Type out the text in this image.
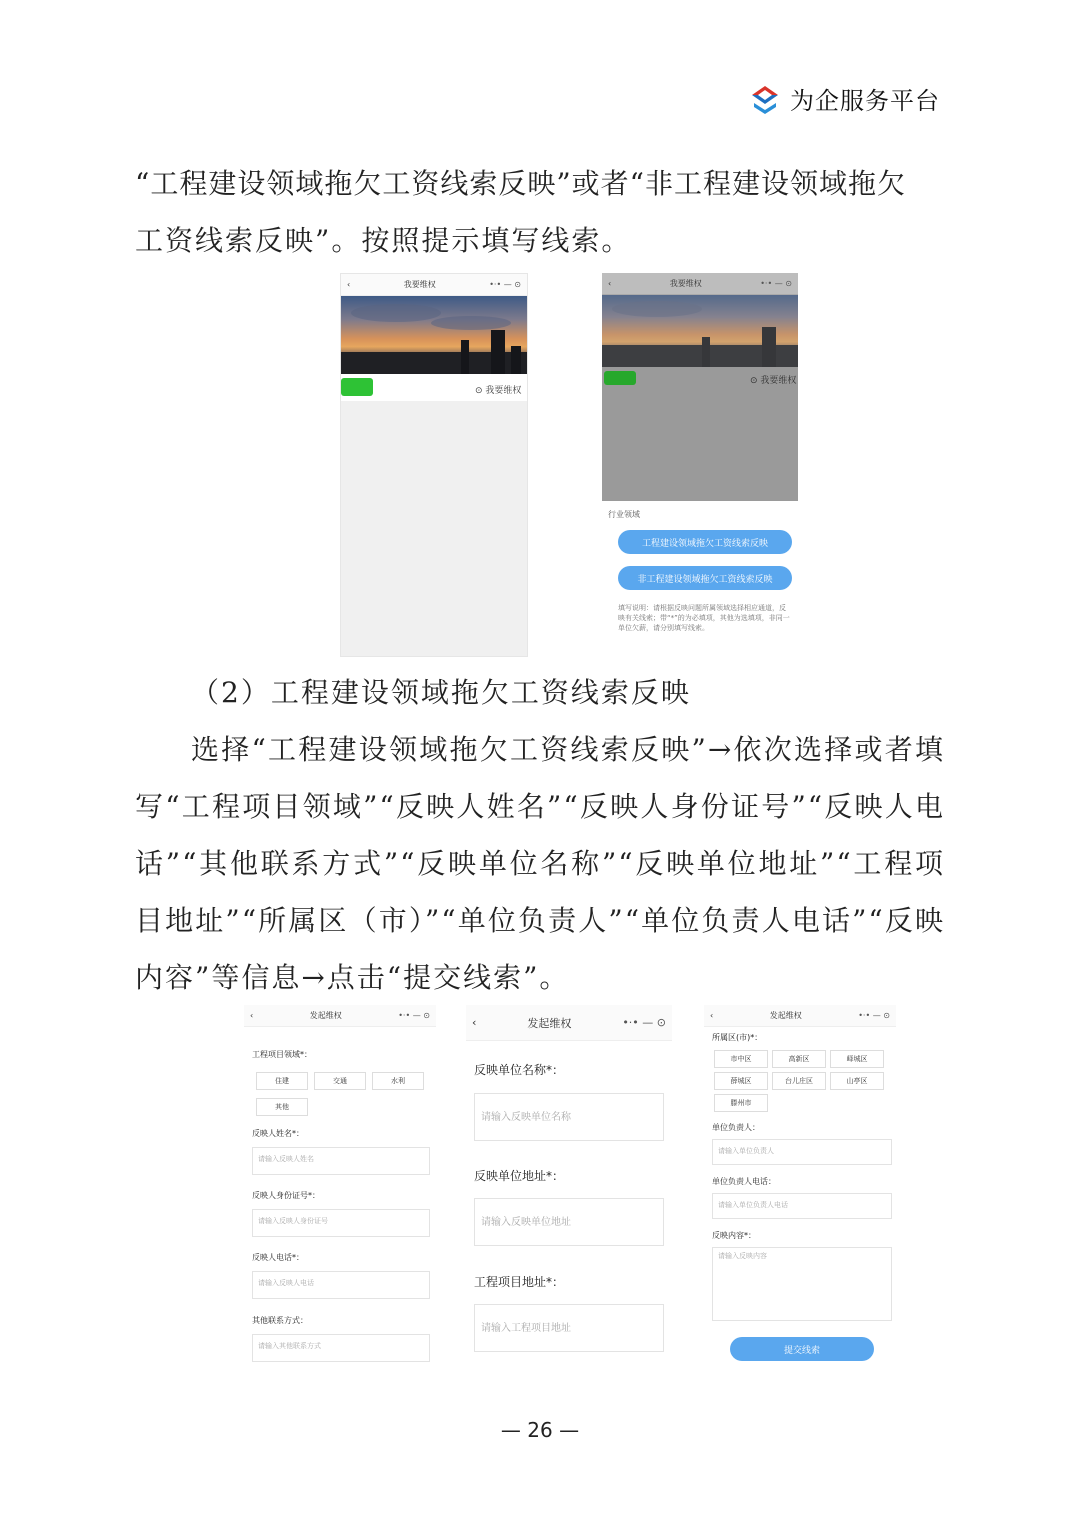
为企服务平台

“工程建设领域拖欠工资线索反映”或者“非工程建设领域拖欠

工资线索反映”。按照提示填写线索。

‹	我要维权	•·• — ⊙
⊙ 我要维权
‹	我要维权	•·• — ⊙
⊙ 我要维权
行业领域
工程建设领域拖欠工资线索反映
非工程建设领域拖欠工资线索反映
填写说明：请根据反映问题所属领域选择相应通道，反映有关线索；带“*”的为必填项，其他为选填项，非同一单位欠薪，请分别填写线索。

（2）工程建设领域拖欠工资线索反映

选择“工程建设领域拖欠工资线索反映”→依次选择或者填写“工程项目领域”“反映人姓名”“反映人身份证号”“反映人电话”“其他联系方式”“反映单位名称”“反映单位地址”“工程项目地址”“所属区（市）”“单位负责人”“单位负责人电话”“反映内容”等信息→点击“提交线索”。

‹	发起维权	•·• — ⊙
工程项目领域*：
住建	交通	水利
其他
反映人姓名*：
请输入反映人姓名
反映人身份证号*：
请输入反映人身份证号
反映人电话*：
请输入反映人电话
其他联系方式：
请输入其他联系方式
‹	发起维权	•·• — ⊙
反映单位名称*：
请输入反映单位名称
反映单位地址*：
请输入反映单位地址
工程项目地址*：
请输入工程项目地址
‹	发起维权	•·• — ⊙
所属区(市)*：
市中区	高新区	峄城区
薛城区	台儿庄区	山亭区
滕州市
单位负责人：
请输入单位负责人
单位负责人电话：
请输入单位负责人电话
反映内容*：
请输入反映内容
提交线索
— 26 —
